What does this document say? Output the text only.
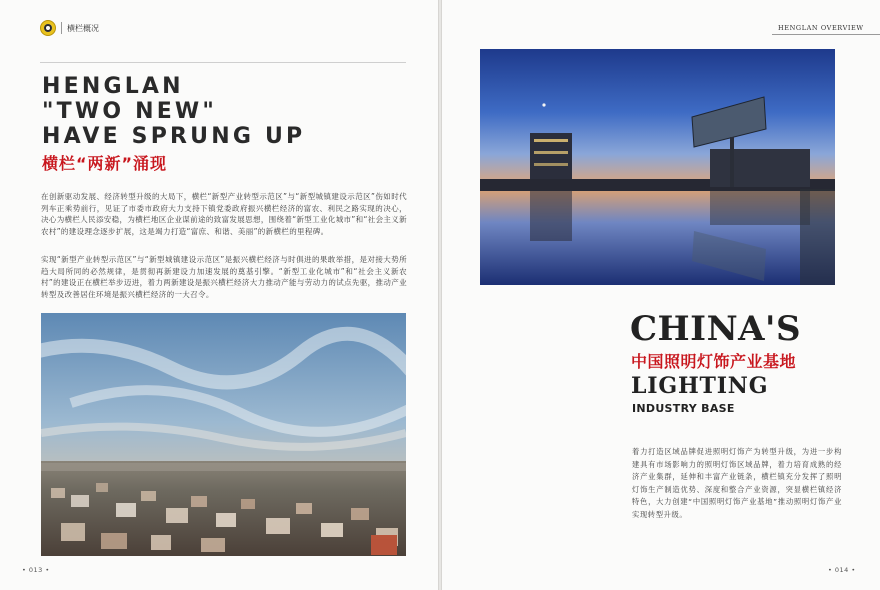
横栏概况
HENGLAN
"TWO NEW"
HAVE SPRUNG UP
横栏“两新”涌现

在创新驱动发展、经济转型升级的大局下，横栏“新型产业转型示范区”与“新型城镇建设示范区”伤如时代列车正乘势前行，见证了市委市政府大力支持下镇党委政府振兴横栏经济的富农、利民之路实现的决心，决心为横栏人民添安稳，为横栏地区企业谋前途的致富发展思想，围绕着“新型工业化城市”和“社会主义新农村”的建设理念逐步扩展，这是竭力打造“富庶、和谐、美丽”的新横栏的里程碑。

实现“新型产业转型示范区”与“新型城镇建设示范区”是振兴横栏经济与时俱进的果敢举措，是对接大势所趋大局所同的必然规律，是贯彻再新建设力加速发展的奠基引擎。“新型工业化城市”和“社会主义新农村”的建设正在横栏举步迈进，着力两新建设是振兴横栏经济大力推动产能与劳动力的试点先驱，推动产业转型及改善居住环境是振兴横栏经济的一大召令。

• 013 •
HENGLAN OVERVIEW
CHINA'S
中国照明灯饰产业基地
LIGHTING
INDUSTRY BASE

着力打造区域品牌促进照明灯饰产为转型升级，为进一步构建具有市场影响力的照明灯饰区域品牌，着力培育成熟的经济产业集群，延伸和丰富产业链条，横栏镇充分发挥了照明灯饰生产制造优势、深度和整合产业资源，突显横栏镇经济特色，大力创建“中国照明灯饰产业基地”推动照明灯饰产业实现转型升级。

• 014 •
